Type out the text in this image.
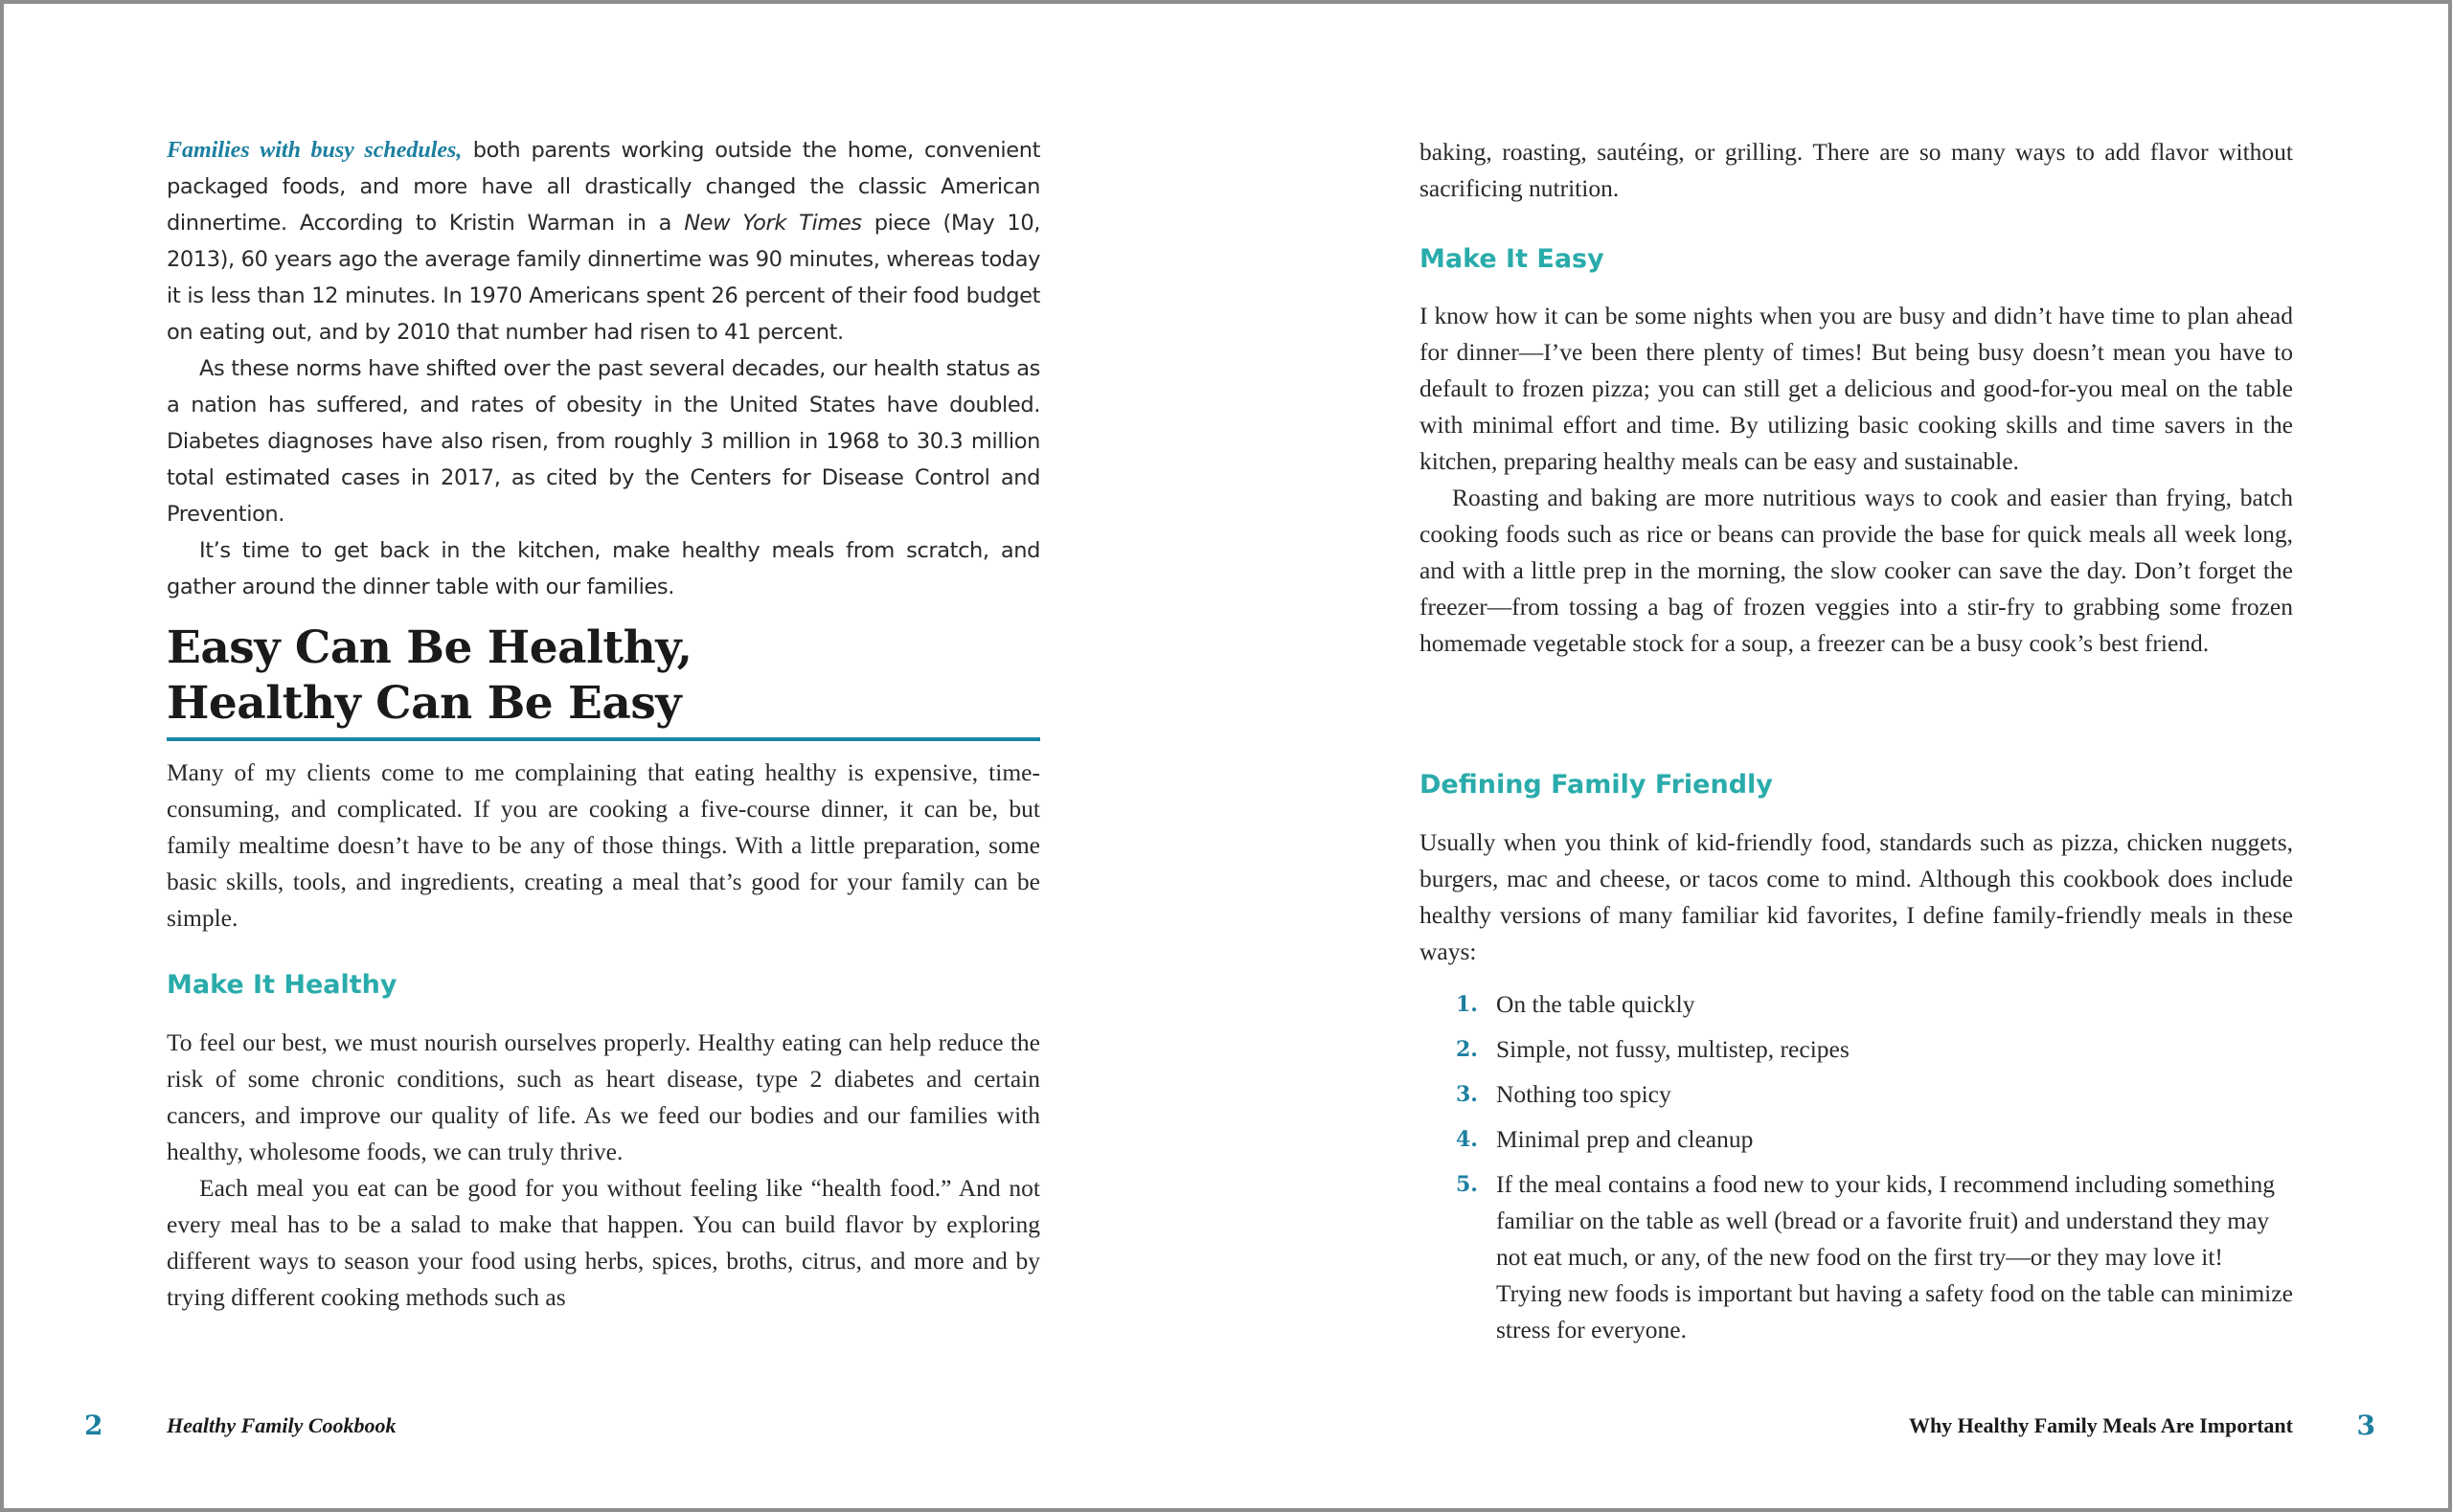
Families with busy schedules, both parents working outside the home, convenient packaged foods, and more have all drastically changed the classic American dinnertime. According to Kristin Warman in a New York Times piece (May 10, 2013), 60 years ago the average family dinnertime was 90 minutes, whereas today it is less than 12 minutes. In 1970 Americans spent 26 percent of their food budget on eating out, and by 2010 that number had risen to 41 percent.

As these norms have shifted over the past several decades, our health status as a nation has suffered, and rates of obesity in the United States have doubled. Diabetes diagnoses have also risen, from roughly 3 million in 1968 to 30.3 million total estimated cases in 2017, as cited by the Centers for Disease Control and Prevention.

It’s time to get back in the kitchen, make healthy meals from scratch, and gather around the dinner table with our families.

Easy Can Be Healthy,
Healthy Can Be Easy

Many of my clients come to me complaining that eating healthy is expensive, time-consuming, and complicated. If you are cooking a five-course dinner, it can be, but family mealtime doesn’t have to be any of those things. With a little preparation, some basic skills, tools, and ingredients, creating a meal that’s good for your family can be simple.

Make It Healthy

To feel our best, we must nourish ourselves properly. Healthy eating can help reduce the risk of some chronic conditions, such as heart disease, type 2 diabetes and certain cancers, and improve our quality of life. As we feed our bodies and our families with healthy, wholesome foods, we can truly thrive.

Each meal you eat can be good for you without feeling like “health food.” And not every meal has to be a salad to make that happen. You can build flavor by exploring different ways to season your food using herbs, spices, broths, citrus, and more and by trying different cooking methods such as

2	Healthy Family Cookbook

baking, roasting, sautéing, or grilling. There are so many ways to add flavor without sacrificing nutrition.

Make It Easy

I know how it can be some nights when you are busy and didn’t have time to plan ahead for dinner—I’ve been there plenty of times! But being busy doesn’t mean you have to default to frozen pizza; you can still get a delicious and good-for-you meal on the table with minimal effort and time. By utilizing basic cooking skills and time savers in the kitchen, preparing healthy meals can be easy and sustainable.

Roasting and baking are more nutritious ways to cook and easier than frying, batch cooking foods such as rice or beans can provide the base for quick meals all week long, and with a little prep in the morning, the slow cooker can save the day. Don’t forget the freezer—from tossing a bag of frozen veggies into a stir-fry to grabbing some frozen homemade vegetable stock for a soup, a freezer can be a busy cook’s best friend.

Defining Family Friendly

Usually when you think of kid-friendly food, standards such as pizza, chicken nuggets, burgers, mac and cheese, or tacos come to mind. Although this cookbook does include healthy versions of many familiar kid favorites, I define family-friendly meals in these ways:

1. On the table quickly
2. Simple, not fussy, multistep, recipes
3. Nothing too spicy
4. Minimal prep and cleanup
5. If the meal contains a food new to your kids, I recommend including something familiar on the table as well (bread or a favorite fruit) and understand they may not eat much, or any, of the new food on the first try—or they may love it! Trying new foods is important but having a safety food on the table can minimize stress for everyone.
Why Healthy Family Meals Are Important 3
